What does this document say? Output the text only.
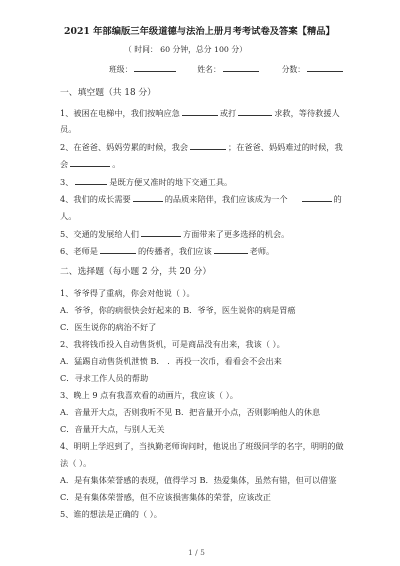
2021 年部编版三年级道德与法治上册月考考试卷及答案【精品】
（ 时间： 60 分钟，总分 100 分）
班级：	姓名：	分数：
一、填空题（共 18 分）
1、被困在电梯中，我们按响应急	或打	求救，等待救援人
员。
2、在爸爸、妈妈劳累的时候，我会	；在爸爸、妈妈难过的时候，我
会	。
3、	是既方便又准时的地下交通工具。
4、我们的成长需要	的品质来陪伴，我们应该成为一个	的
人。
5、交通的发展给人们	方面带来了更多选择的机会。
6、老师是	的传播者，我们应该	老师。
二、选择题（每小题 2 分，共 20 分）
1、爷爷得了重病，你会对他说（ ）。
A．爷爷，你的病很快会好起来的 B．爷爷，医生说你的病是胃癌
C．医生说你的病治不好了
2、我将钱币投入自动售货机，可是商品没有出来，我该（ ）。
A．猛踢自动售货机泄愤 B． ．再投一次币，看看会不会出来
C．寻求工作人员的帮助
3、晚上 9 点有我喜欢看的动画片，我应该（ ）。
A．音量开大点，否则我听不见 B．把音量开小点，否则影响他人的休息
C．音量开大点，与别人无关
4、明明上学迟到了，当执勤老师询问时，他说出了班级同学的名字，明明的做
法（ ）。
A．是有集体荣誉感的表现，值得学习 B．热爱集体，虽然有错，但可以借鉴
C．是有集体荣誉感，但不应该损害集体的荣誉，应该改正
5、谁的想法是正确的（ ）。
1 / 5
